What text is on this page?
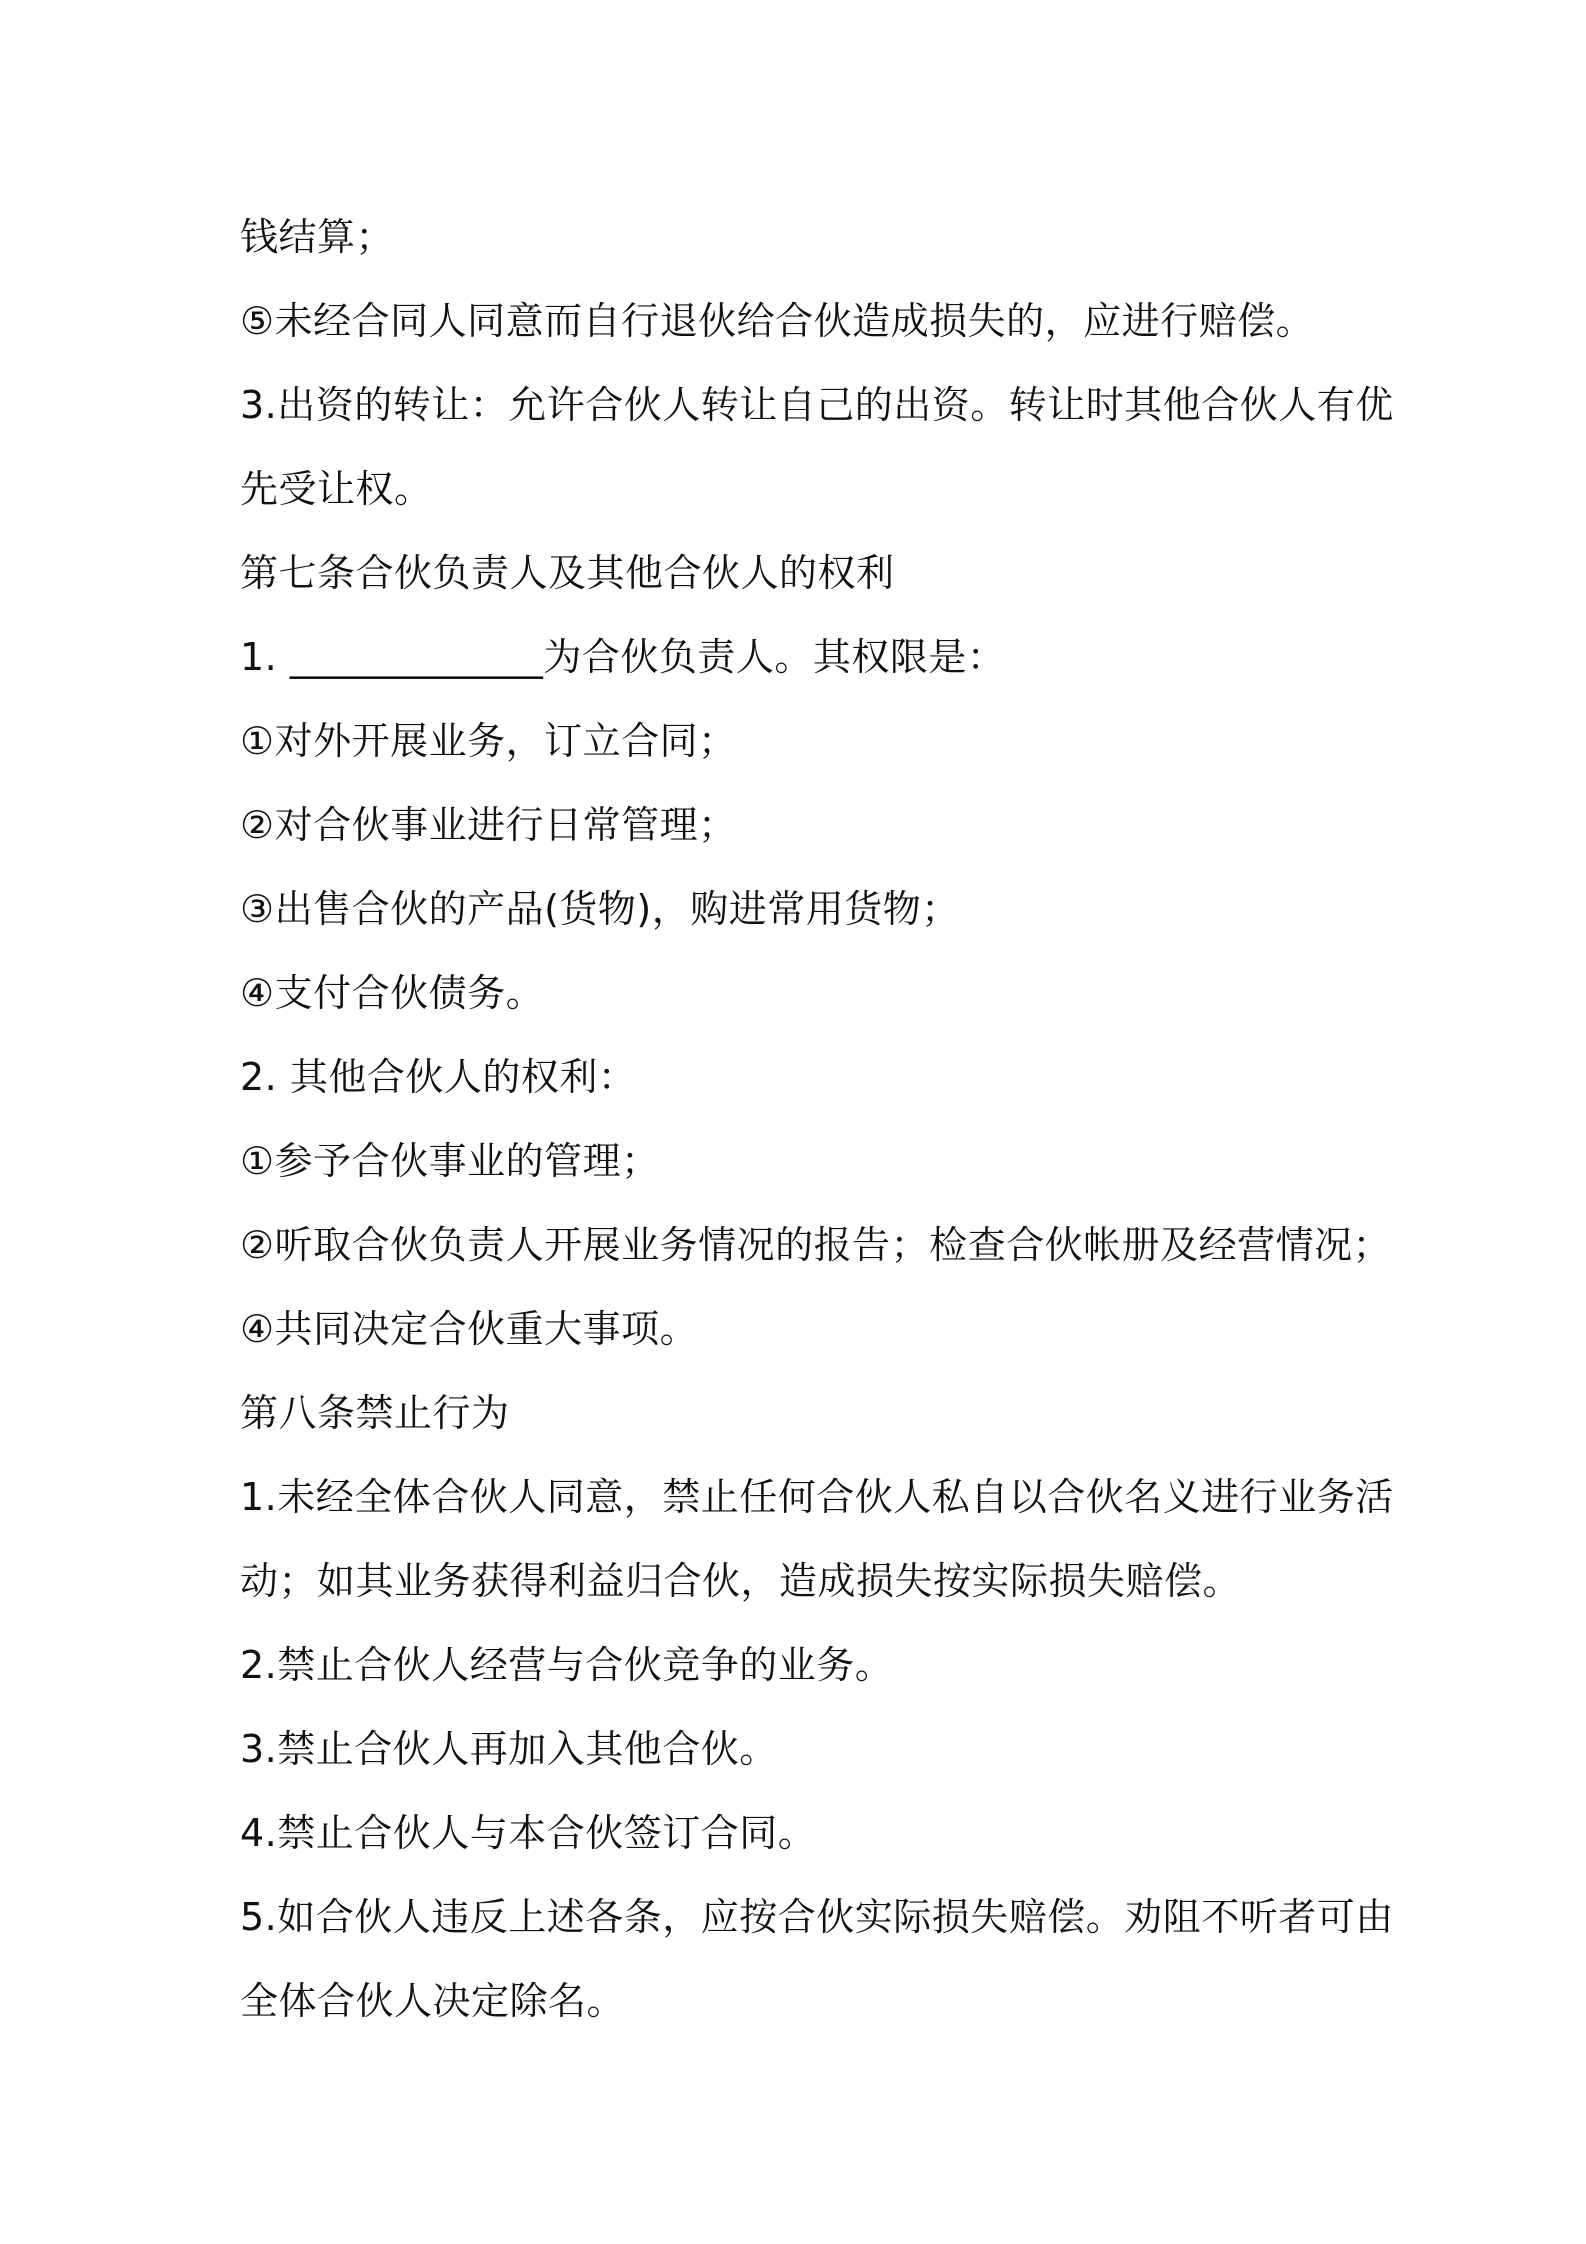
钱结算；
⑤未经合同人同意而自行退伙给合伙造成损失的，应进行赔偿。
3.出资的转让：允许合伙人转让自己的出资。转让时其他合伙人有优
先受让权。
第七条合伙负责人及其他合伙人的权利
1. _____________为合伙负责人。其权限是：
①对外开展业务，订立合同；
②对合伙事业进行日常管理；
③出售合伙的产品(货物)，购进常用货物；
④支付合伙债务。
2. 其他合伙人的权利：
①参予合伙事业的管理；
②听取合伙负责人开展业务情况的报告；检查合伙帐册及经营情况；
④共同决定合伙重大事项。
第八条禁止行为
1.未经全体合伙人同意，禁止任何合伙人私自以合伙名义进行业务活
动；如其业务获得利益归合伙，造成损失按实际损失赔偿。
2.禁止合伙人经营与合伙竞争的业务。
3.禁止合伙人再加入其他合伙。
4.禁止合伙人与本合伙签订合同。
5.如合伙人违反上述各条，应按合伙实际损失赔偿。劝阻不听者可由
全体合伙人决定除名。
